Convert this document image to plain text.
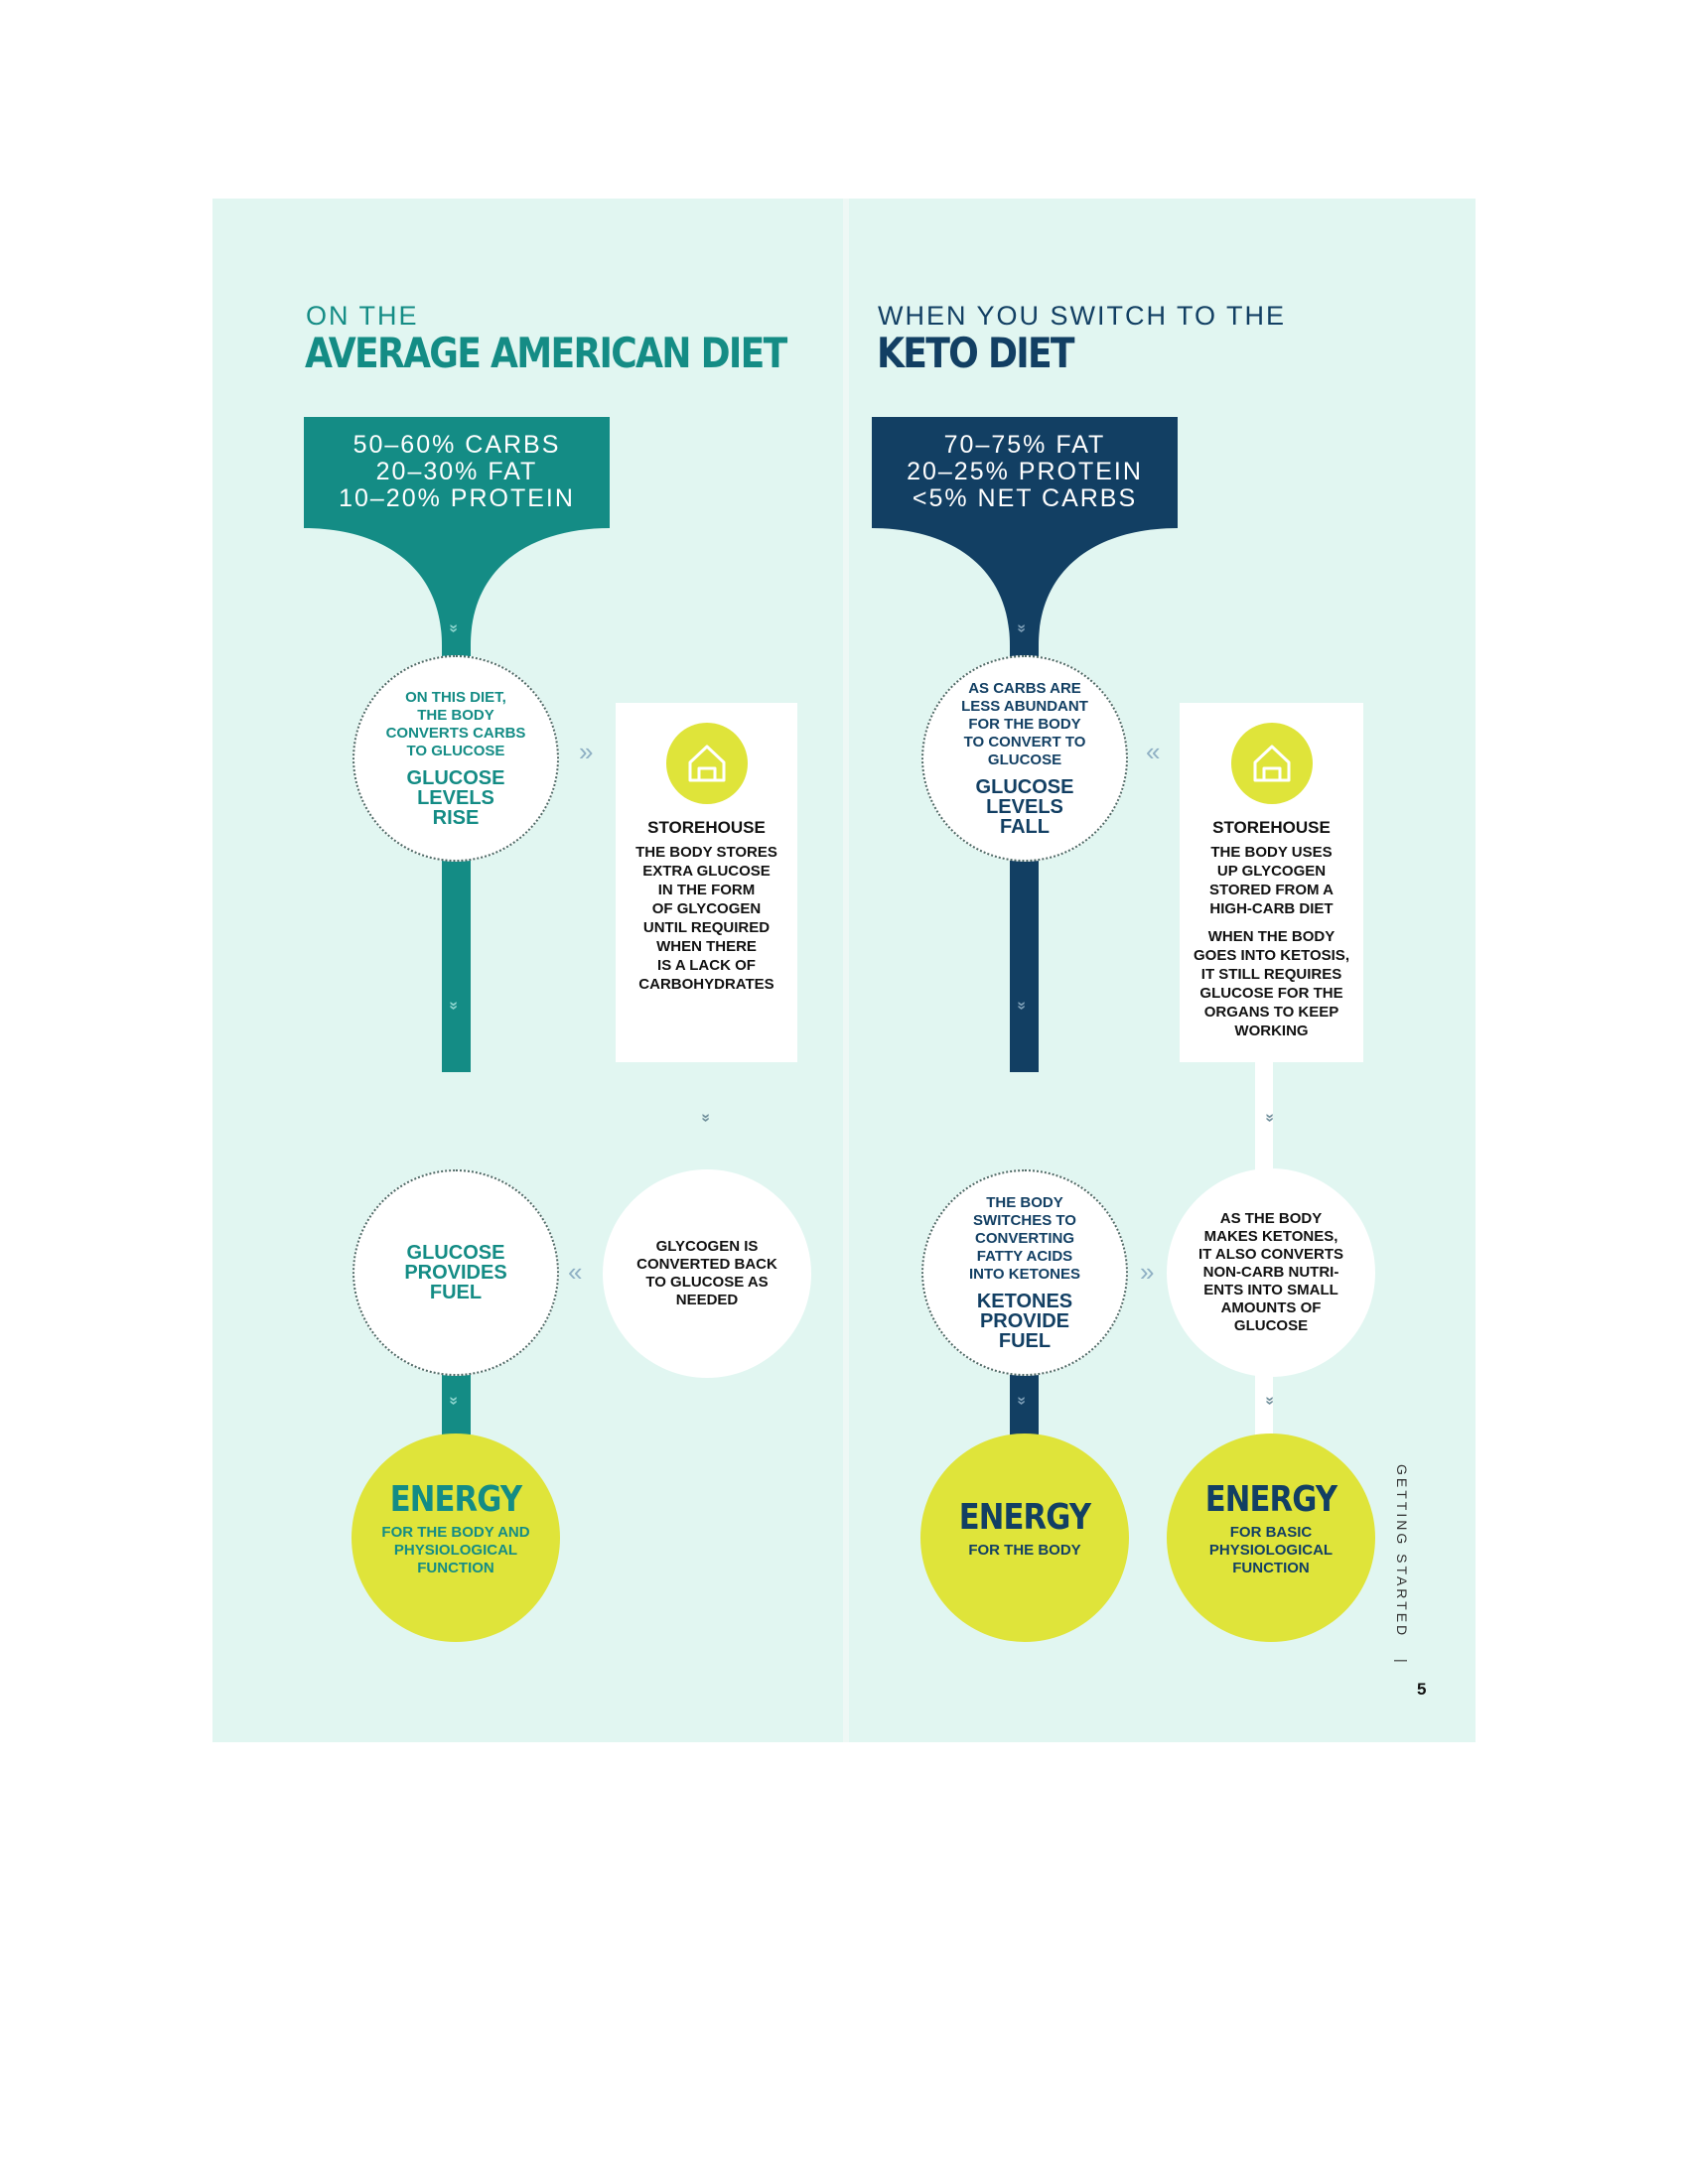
ON THE
AVERAGE AMERICAN DIET
50–60% CARBS
20–30% FAT
10–20% PROTEIN
»
ON THIS DIET,
THE BODY
CONVERTS CARBS
TO GLUCOSE
GLUCOSE
LEVELS
RISE
»
STOREHOUSE
THE BODY STORES
EXTRA GLUCOSE
IN THE FORM
OF GLYCOGEN
UNTIL REQUIRED
WHEN THERE
IS A LACK OF
CARBOHYDRATES
»
»
GLUCOSE
PROVIDES
FUEL
«
GLYCOGEN IS
CONVERTED BACK
TO GLUCOSE AS
NEEDED
»
ENERGY
FOR THE BODY AND
PHYSIOLOGICAL
FUNCTION
WHEN YOU SWITCH TO THE
KETO DIET
70–75% FAT
20–25% PROTEIN
<5% NET CARBS
»
AS CARBS ARE
LESS ABUNDANT
FOR THE BODY
TO CONVERT TO
GLUCOSE
GLUCOSE
LEVELS
FALL
«
STOREHOUSE
THE BODY USES
UP GLYCOGEN
STORED FROM A
HIGH-CARB DIET
WHEN THE BODY
GOES INTO KETOSIS,
IT STILL REQUIRES
GLUCOSE FOR THE
ORGANS TO KEEP
WORKING
»
»
THE BODY
SWITCHES TO
CONVERTING
FATTY ACIDS
INTO KETONES
KETONES
PROVIDE
FUEL
»
AS THE BODY
MAKES KETONES,
IT ALSO CONVERTS
NON-CARB NUTRI-
ENTS INTO SMALL
AMOUNTS OF
GLUCOSE
»	»
ENERGY
FOR THE BODY
ENERGY
FOR BASIC
PHYSIOLOGICAL
FUNCTION	GETTING STARTED |
5
